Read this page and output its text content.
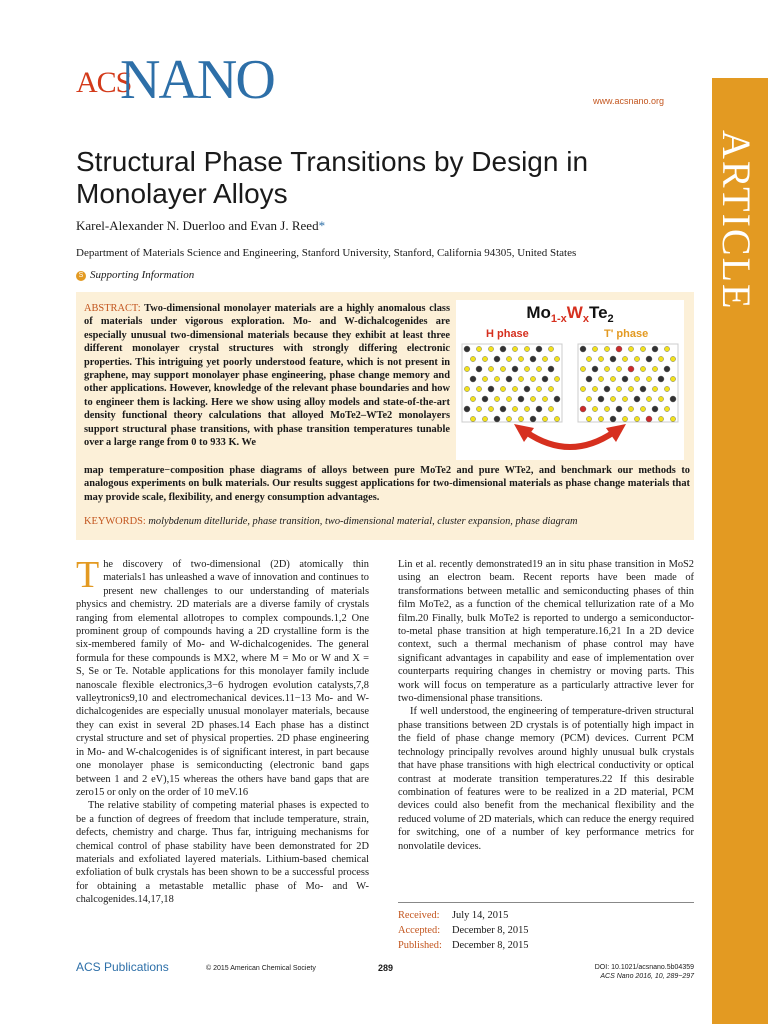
ACS
NANO	www.acsnano.org
ARTICLE
Structural Phase Transitions by Design in Monolayer Alloys
Karel-Alexander N. Duerloo and Evan J. Reed*
Department of Materials Science and Engineering, Stanford University, Stanford, California 94305, United States
S Supporting Information
ABSTRACT: Two-dimensional monolayer materials are a highly anomalous class of materials under vigorous exploration. Mo- and W-dichalcogenides are especially unusual two-dimensional materials because they exhibit at least three different monolayer crystal structures with strongly differing electronic properties. This intriguing yet poorly understood feature, which is not present in graphene, may support monolayer phase engineering, phase change memory and other applications. However, knowledge of the relevant phase boundaries and how to engineer them is lacking. Here we show using alloy models and state-of-the-art density functional theory calculations that alloyed MoTe2–WTe2 monolayers support structural phase transitions, with phase transition temperatures tunable over a large range from 0 to 933 K. We
map temperature−composition phase diagrams of alloys between pure MoTe2 and pure WTe2, and benchmark our methods to analogous experiments on bulk materials. Our results suggest applications for two-dimensional materials as phase change materials that may provide scale, flexibility, and energy consumption advantages.
KEYWORDS: molybdenum ditelluride, phase transition, two-dimensional material, cluster expansion, phase diagram
$Mo_{1-x}W_xTe_2$
H phase	T' phase
T he discovery of two-dimensional (2D) atomically thin materials1 has unleashed a wave of innovation and continues to present new challenges to our understanding of materials physics and chemistry. 2D materials are a diverse family of crystals ranging from elemental allotropes to complex compounds.1,2 One prominent group of compounds having a 2D crystalline form is the six-membered family of Mo- and W-dichalcogenides. The general formula for these compounds is MX2, where M = Mo or W and X = S, Se or Te. Notable applications for this monolayer family include nanoscale flexible electronics,3−6 hydrogen evolution catalysts,7,8 valleytronics9,10 and electromechanical devices.11−13 Mo- and W-dichalcogenides are especially unusual monolayer materials, because they can exist in several 2D phases.14 Each phase has a distinct crystal structure and set of physical properties. 2D phase engineering in Mo- and W-chalcogenides is of significant interest, in part because one monolayer phase is semiconducting (electronic band gaps between 1 and 2 eV),15 whereas the others have band gaps that are zero15 or only on the order of 10 meV.16

The relative stability of competing material phases is expected to be a function of degrees of freedom that include temperature, strain, defects, chemistry and charge. Thus far, intriguing mechanisms for chemical control of phase stability have been demonstrated for 2D materials and exfoliated layered materials. Lithium-based chemical exfoliation of bulk crystals has been shown to be a successful process for obtaining a metastable metallic phase of Mo- and W-chalcogenides.14,17,18

Lin et al. recently demonstrated19 an in situ phase transition in MoS2 using an electron beam. Recent reports have been made of transformations between metallic and semiconducting phases of thin film MoTe2, as a function of the chemical tellurization rate of a Mo film.20 Finally, bulk MoTe2 is reported to undergo a semiconductor-to-metal phase transition at high temperature.16,21 In a 2D device context, such a thermal mechanism of phase control may have significant advantages in capability and ease of implementation over counterparts requiring changes in chemistry or moving parts. This work will focus on temperature as a particularly attractive lever for two-dimensional phase transitions.

If well understood, the engineering of temperature-driven structural phase transitions between 2D crystals is of potentially high impact in the field of phase change memory (PCM) devices. Current PCM technology principally revolves around highly unusual bulk crystals that have phase transitions with high electrical conductivity or optical contrast at moderate transition temperatures.22 If this desirable combination of features were to be realized in a 2D material, PCM devices could also benefit from the mechanical flexibility and the reduced volume of 2D materials, which can reduce the energy required for switching, one of a number of key performance metrics for nonvolatile devices.

Received: July 14, 2015
Accepted: December 8, 2015
Published: December 8, 2015
ACS Publications	© 2015 American Chemical Society	289	DOI: 10.1021/acsnano.5b04359
ACS Nano 2016, 10, 289−297
